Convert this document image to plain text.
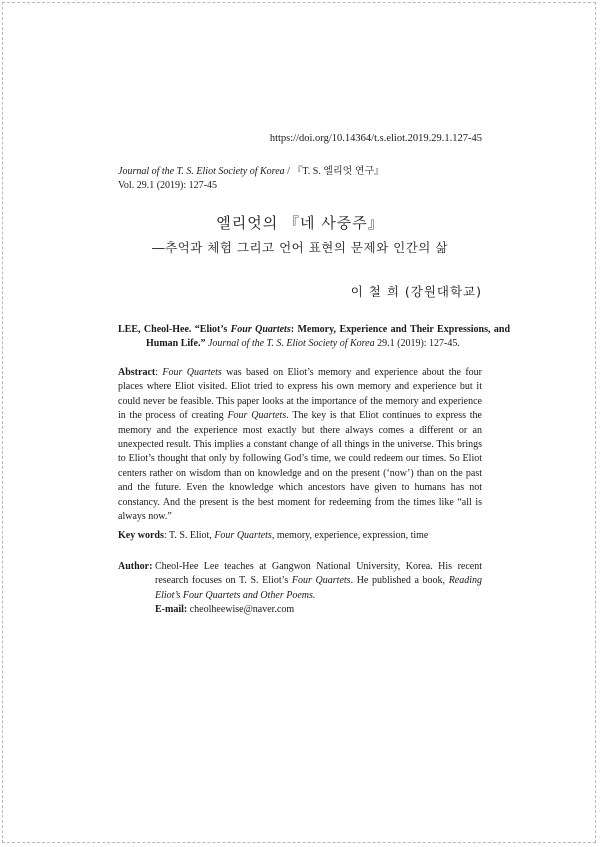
https://doi.org/10.14364/t.s.eliot.2019.29.1.127-45
Journal of the T. S. Eliot Society of Korea / 『T. S. 엘리엇 연구』
Vol. 29.1 (2019): 127-45
엘리엇의 『네 사중주』
―추억과 체험 그리고 언어 표현의 문제와 인간의 삶
이 철 희 (강원대학교)
LEE, Cheol-Hee. “Eliot’s Four Quartets: Memory, Experience and Their Expressions, and Human Life.” Journal of the T. S. Eliot Society of Korea 29.1 (2019): 127-45.
Abstract: Four Quartets was based on Eliot’s memory and experience about the four places where Eliot visited. Eliot tried to express his own memory and experience but it could never be feasible. This paper looks at the importance of the memory and experience in the process of creating Four Quartets. The key is that Eliot continues to express the memory and the experience most exactly but there always comes a different or an unexpected result. This implies a constant change of all things in the universe. This brings to Eliot’s thought that only by following God’s time, we could redeem our times. So Eliot centers rather on wisdom than on knowledge and on the present (‘now’) than on the past and the future. Even the knowledge which ancestors have given to humans has not constancy. And the present is the best moment for redeeming from the times like “all is always now.”
Key words: T. S. Eliot, Four Quartets, memory, experience, expression, time
Author: Cheol-Hee Lee teaches at Gangwon National University, Korea. His recent research focuses on T. S. Eliot’s Four Quartets. He published a book, Reading Eliot’s Four Quartets and Other Poems.
E-mail: cheolheewise@naver.com
